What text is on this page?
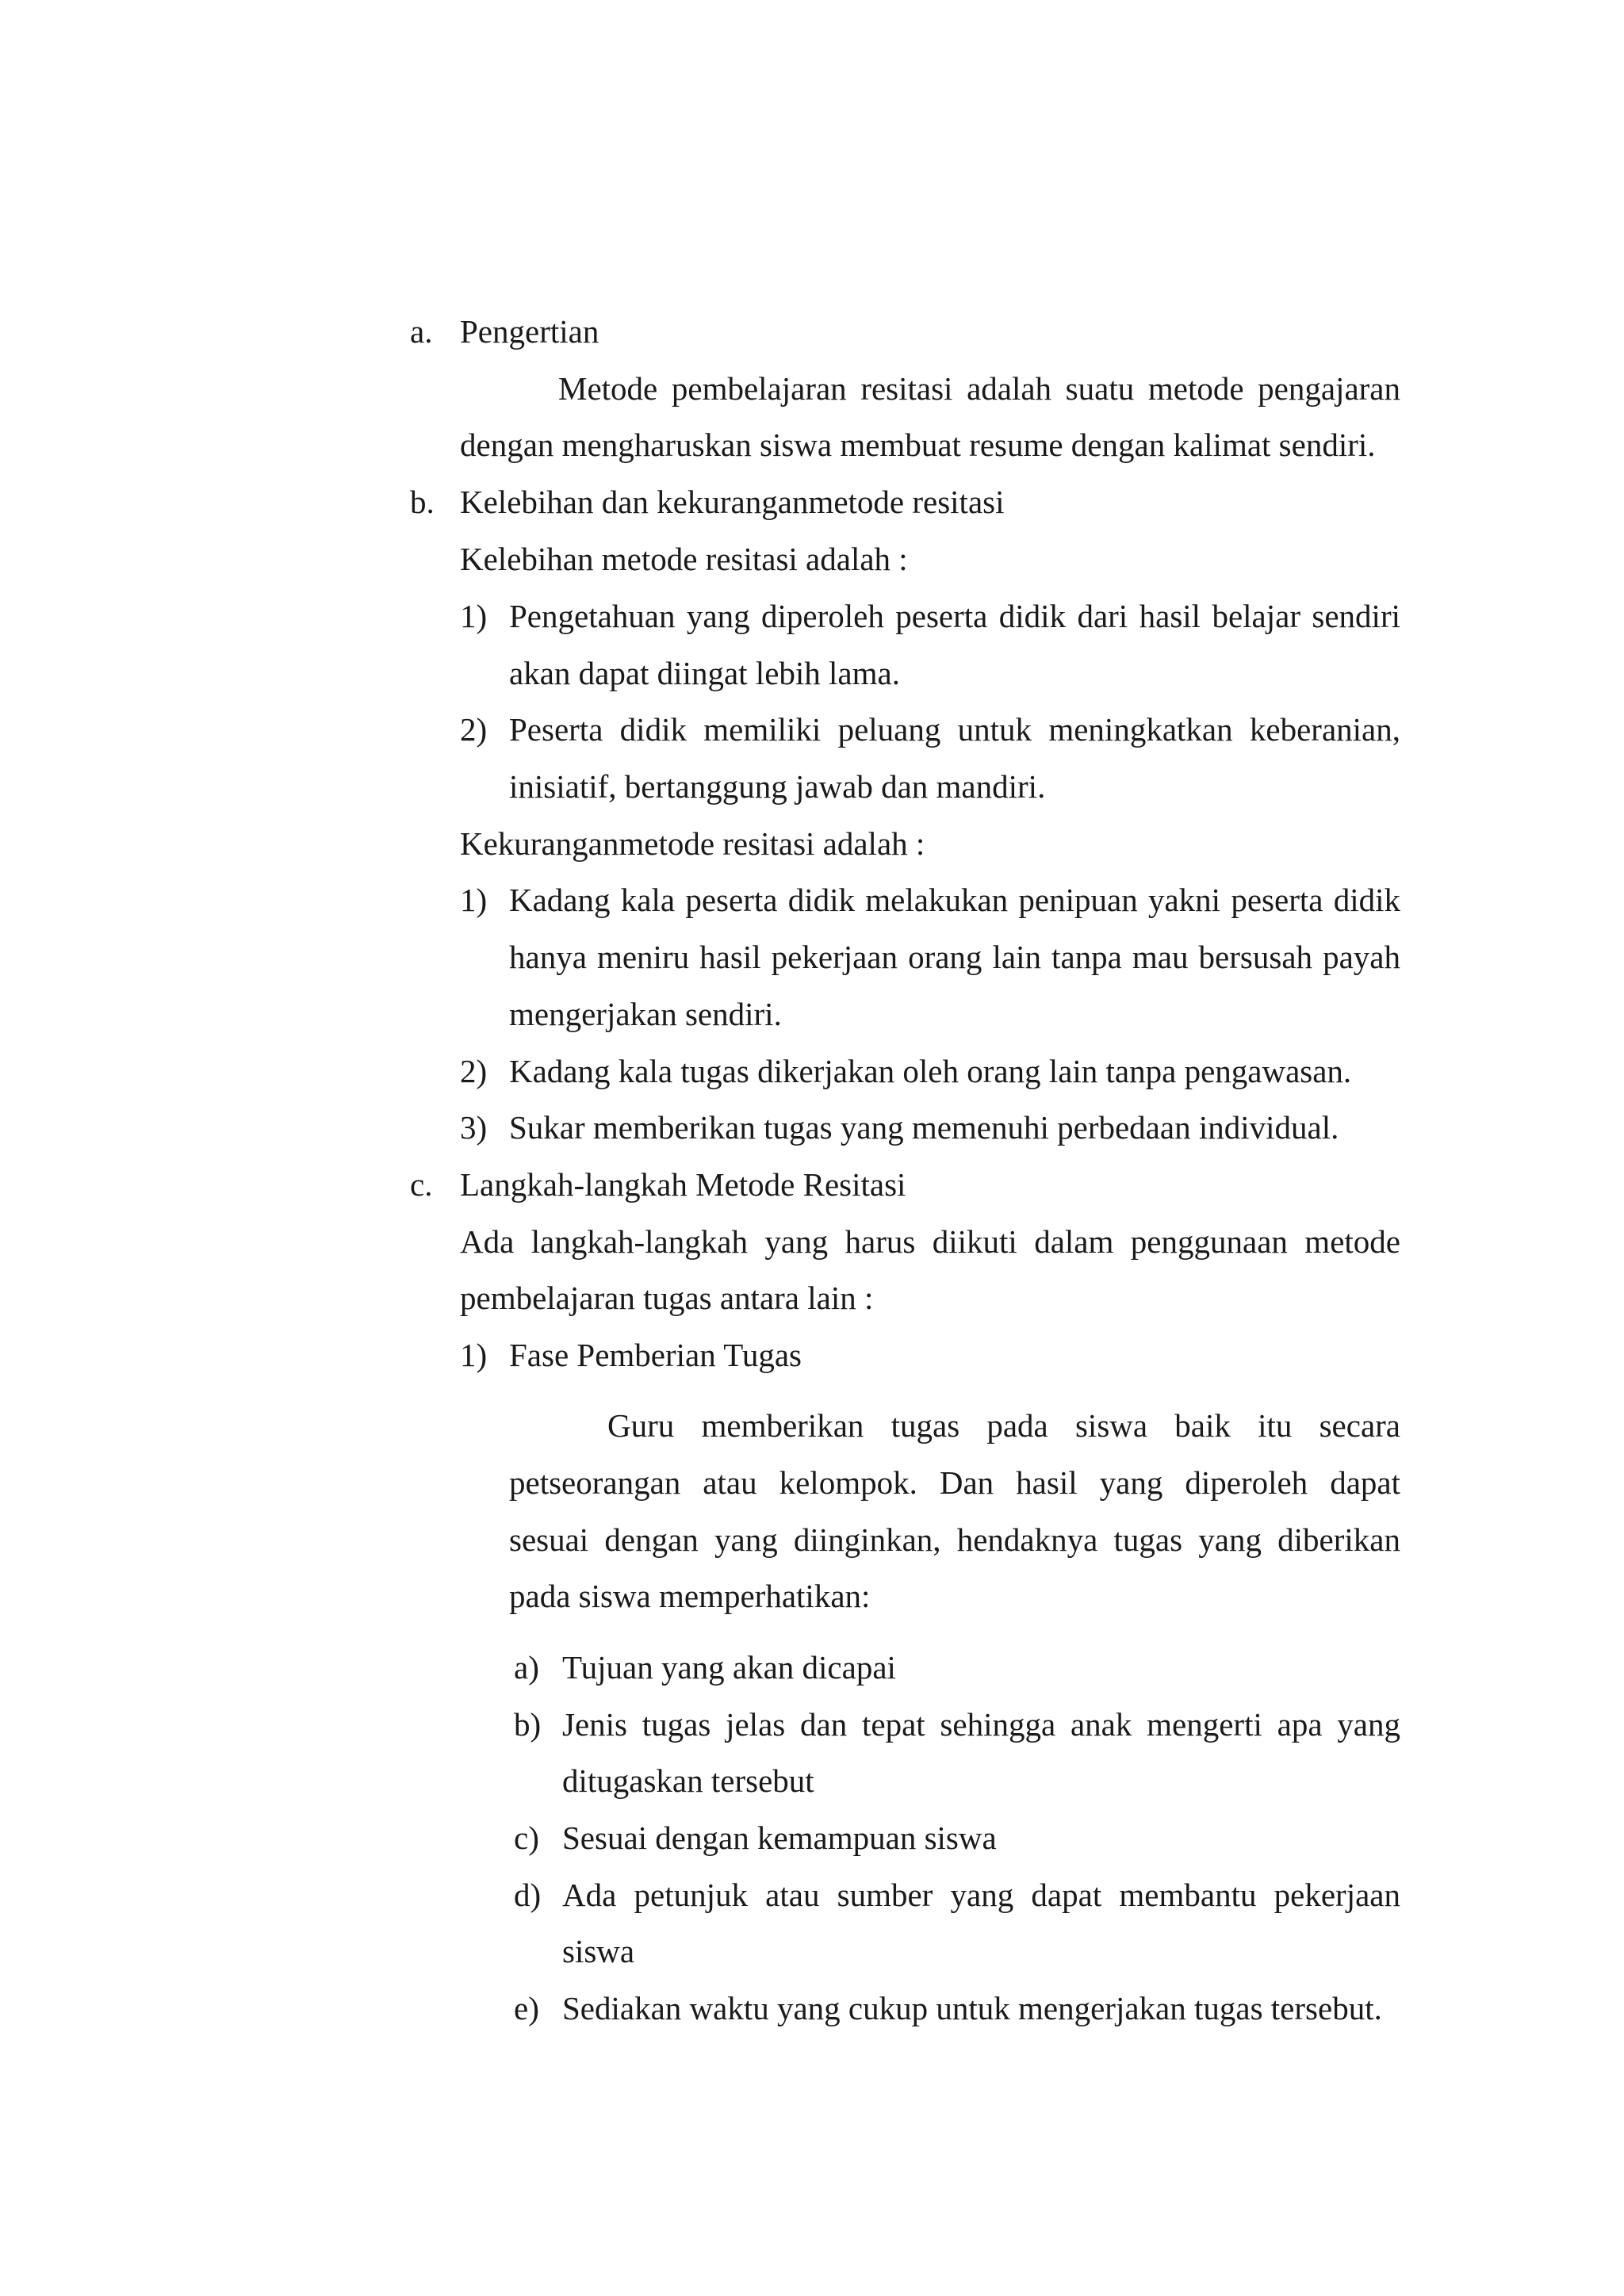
a. Pengertian
Metode pembelajaran resitasi adalah suatu metode pengajaran
dengan mengharuskan siswa membuat resume dengan kalimat sendiri.
b. Kelebihan dan kekuranganmetode resitasi
Kelebihan metode resitasi adalah :
1) Pengetahuan yang diperoleh peserta didik dari hasil belajar sendiri
akan dapat diingat lebih lama.
2) Peserta didik memiliki peluang untuk meningkatkan keberanian,
inisiatif, bertanggung jawab dan mandiri.
Kekuranganmetode resitasi adalah :
1) Kadang kala peserta didik melakukan penipuan yakni peserta didik
hanya meniru hasil pekerjaan orang lain tanpa mau bersusah payah
mengerjakan sendiri.
2) Kadang kala tugas dikerjakan oleh orang lain tanpa pengawasan.
3) Sukar memberikan tugas yang memenuhi perbedaan individual.
c. Langkah-langkah Metode Resitasi
Ada langkah-langkah yang harus diikuti dalam penggunaan metode
pembelajaran tugas antara lain :
1) Fase Pemberian Tugas
Guru memberikan tugas pada siswa baik itu secara
petseorangan atau kelompok. Dan hasil yang diperoleh dapat
sesuai dengan yang diinginkan, hendaknya tugas yang diberikan
pada siswa memperhatikan:
a) Tujuan yang akan dicapai
b) Jenis tugas jelas dan tepat sehingga anak mengerti apa yang
ditugaskan tersebut
c) Sesuai dengan kemampuan siswa
d) Ada petunjuk atau sumber yang dapat membantu pekerjaan
siswa
e) Sediakan waktu yang cukup untuk mengerjakan tugas tersebut.
